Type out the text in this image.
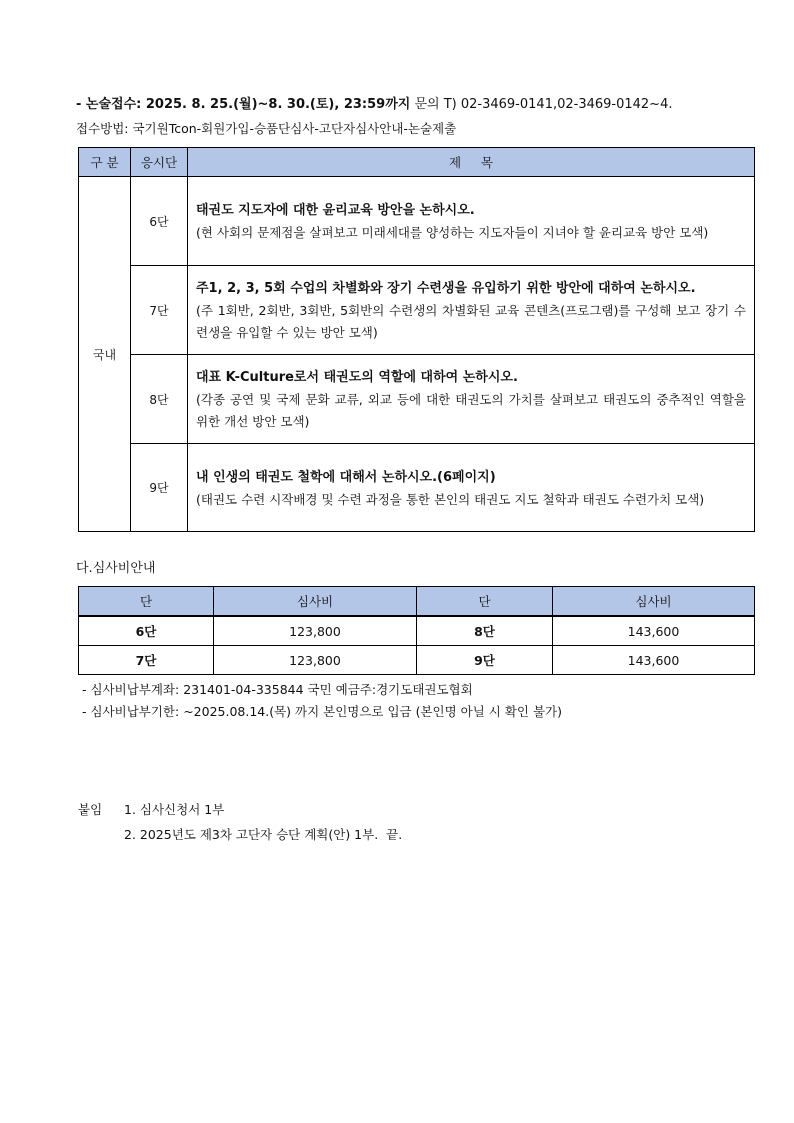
- 논술접수: 2025. 8. 25.(월)~8. 30.(토), 23:59까지 문의 T) 02-3469-0141,02-3469-0142~4.
접수방법: 국기원Tcon-회원가입-승품단심사-고단자심사안내-논술제출
구 분	응시단	제     목
국내	6단	태권도 지도자에 대한 윤리교육 방안을 논하시오.
(현 사회의 문제점을 살펴보고 미래세대를 양성하는 지도자들이 지녀야 할 윤리교육 방안 모색)

	7단	주1, 2, 3, 5회 수업의 차별화와 장기 수련생을 유입하기 위한 방안에 대하여 논하시오.
(주 1회반, 2회반, 3회반, 5회반의 수련생의 차별화된 교육 콘텐츠(프로그램)를 구성해 보고 장기 수련생을 유입할 수 있는 방안 모색)

	8단	대표 K-Culture로서 태권도의 역할에 대하여 논하시오.
(각종 공연 및 국제 문화 교류, 외교 등에 대한 태권도의 가치를 살펴보고 태권도의 중추적인 역할을 위한 개선 방안 모색)

	9단	내 인생의 태권도 철학에 대해서 논하시오.(6페이지)
(태권도 수련 시작배경 및 수련 과정을 통한 본인의 태권도 지도 철학과 태권도 수련가치 모색)
다.심사비안내
단	심사비	단	심사비
6단	123,800	8단	143,600
7단	123,800	9단	143,600
- 심사비납부계좌: 231401-04-335844 국민 예금주:경기도태권도협회
- 심사비납부기한: ~2025.08.14.(목) 까지 본인명으로 입금 (본인명 아닐 시 확인 불가)
붙임 1. 심사신청서 1부
2. 2025년도 제3차 고단자 승단 계획(안) 1부.  끝.
